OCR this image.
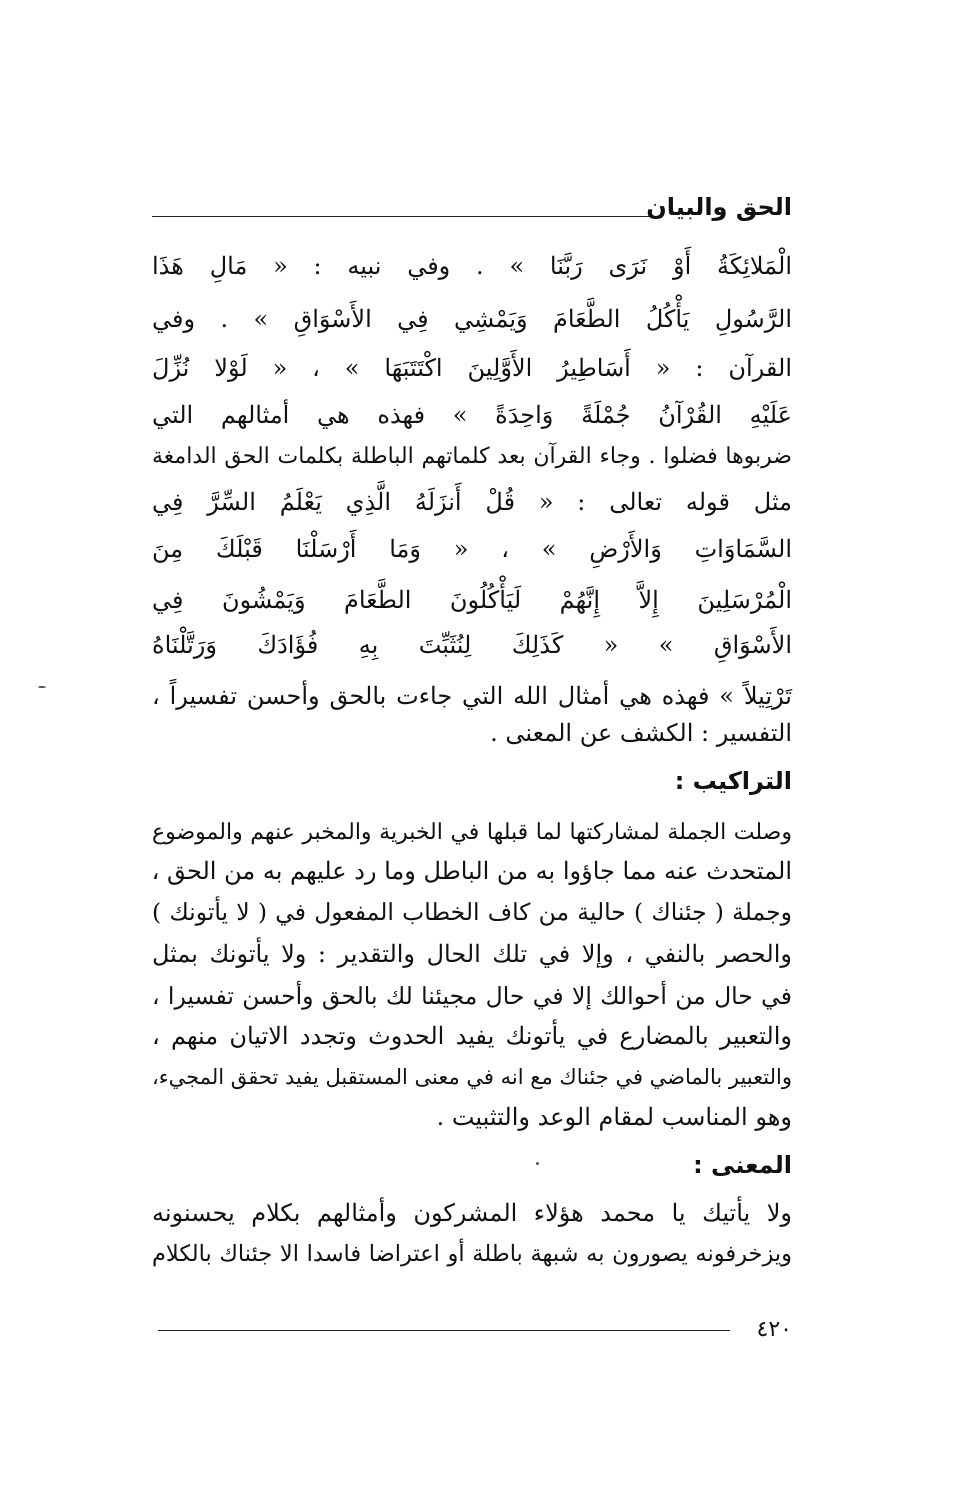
الحق والبيان
الْمَلائِكَةُ أَوْ نَرَى رَبَّنَا » . وفي نبيه : « مَالِ هَذَا
الرَّسُولِ يَأْكُلُ الطَّعَامَ وَيَمْشِي فِي الأَسْوَاقِ » . وفي
القرآن : « أَسَاطِيرُ الأَوَّلِينَ اكْتَتَبَهَا » ، « لَوْلا نُزِّلَ
عَلَيْهِ القُرْآنُ جُمْلَةً وَاحِدَةً » فهذه هي أمثالهم التي
ضربوها فضلوا . وجاء القرآن بعد كلماتهم الباطلة بكلمات الحق الدامغة
مثل قوله تعالى : « قُلْ أَنزَلَهُ الَّذِي يَعْلَمُ السِّرَّ فِي
السَّمَاوَاتِ وَالأَرْضِ » ، « وَمَا أَرْسَلْنَا قَبْلَكَ مِنَ
الْمُرْسَلِينَ إِلاَّ إِنَّهُمْ لَيَأْكُلُونَ الطَّعَامَ وَيَمْشُونَ فِي
الأَسْوَاقِ » « كَذَلِكَ لِنُثَبِّتَ بِهِ فُؤَادَكَ وَرَتَّلْنَاهُ
تَرْتِيلاً » فهذه هي أمثال الله التي جاءت بالحق وأحسن تفسيراً ،
التفسير : الكشف عن المعنى .
التراكيب :
وصلت الجملة لمشاركتها لما قبلها في الخبرية والمخبر عنهم والموضوع
المتحدث عنه مما جاؤوا به من الباطل وما رد عليهم به من الحق ،
وجملة ( جئناك ) حالية من كاف الخطاب المفعول في ( لا يأتونك )
والحصر بالنفي ، وإلا في تلك الحال والتقدير : ولا يأتونك بمثل
في حال من أحوالك إلا في حال مجيئنا لك بالحق وأحسن تفسيرا ،
والتعبير بالمضارع في يأتونك يفيد الحدوث وتجدد الاتيان منهم ،
والتعبير بالماضي في جئناك مع انه في معنى المستقبل يفيد تحقق المجيء،
وهو المناسب لمقام الوعد والتثبيت .
المعنى :
ولا يأتيك يا محمد هؤلاء المشركون وأمثالهم بكلام يحسنونه
ويزخرفونه يصورون به شبهة باطلة أو اعتراضا فاسدا الا جئناك بالكلام
٤٢٠
